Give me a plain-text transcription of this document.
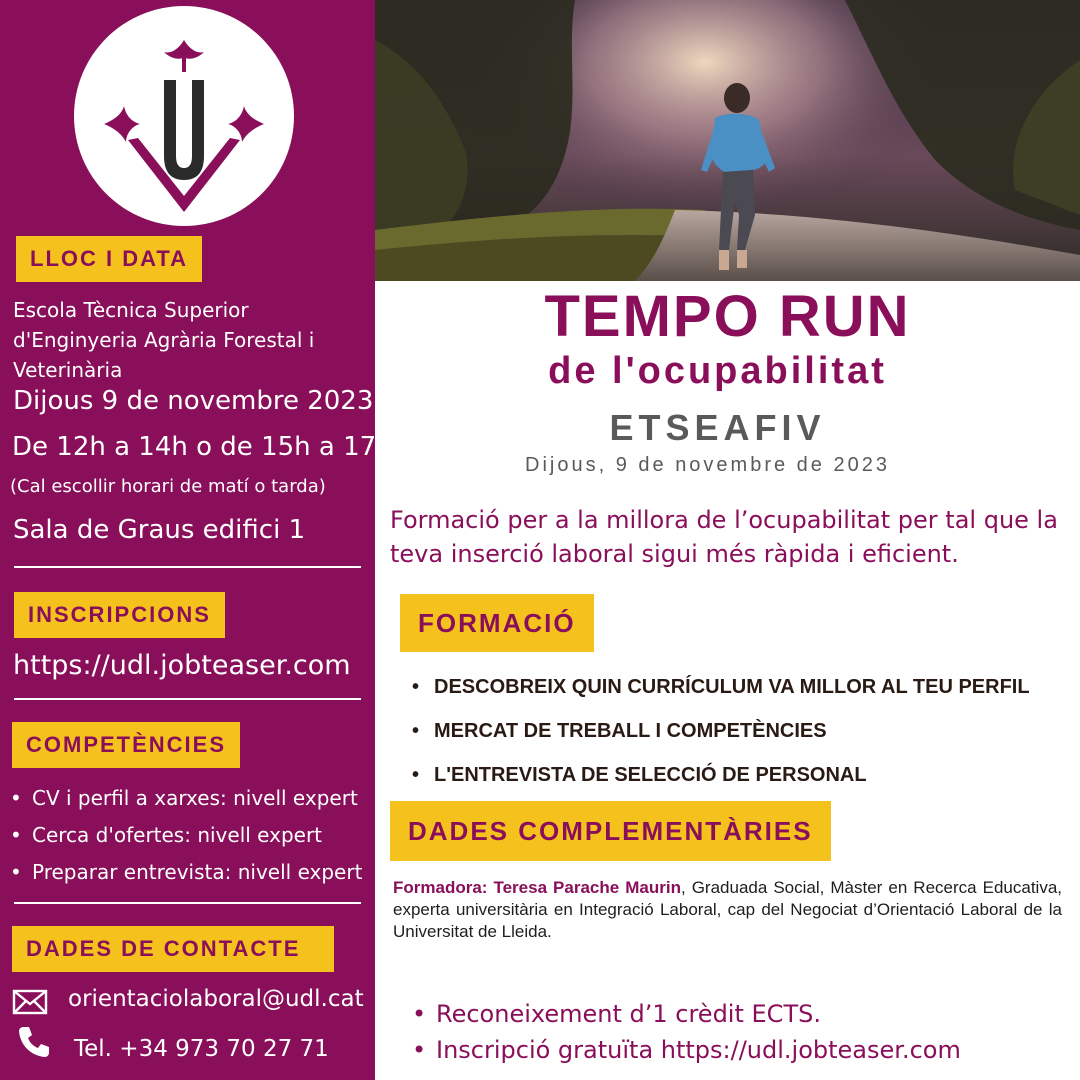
LLOC I DATA
Escola Tècnica Superior
d'Enginyeria Agrària Forestal i
Veterinària
Dijous 9 de novembre 2023
De 12h a 14h o de 15h a 17 h
(Cal escollir horari de matí o tarda)
Sala de Graus edifici 1
INSCRIPCIONS
https://udl.jobteaser.com
COMPETÈNCIES
• CV i perfil a xarxes: nivell expert
• Cerca d'ofertes: nivell expert
• Preparar entrevista: nivell expert
DADES DE CONTACTE
orientaciolaboral@udl.cat
Tel. +34 973 70 27 71
TEMPO RUN
de l'ocupabilitat
ETSEAFIV
Dijous, 9 de novembre de 2023
Formació per a la millora de l’ocupabilitat per tal que la teva inserció laboral sigui més ràpida i eficient.
FORMACIÓ
• DESCOBREIX QUIN CURRÍCULUM VA MILLOR AL TEU PERFIL
• MERCAT DE TREBALL I COMPETÈNCIES
• L'ENTREVISTA DE SELECCIÓ DE PERSONAL
DADES COMPLEMENTÀRIES
Formadora: Teresa Parache Maurin, Graduada Social, Màster en Recerca Educativa, experta universitària en Integració Laboral, cap del Negociat d’Orientació Laboral de la Universitat de Lleida.
• Reconeixement d’1 crèdit ECTS.
• Inscripció gratuïta https://udl.jobteaser.com
